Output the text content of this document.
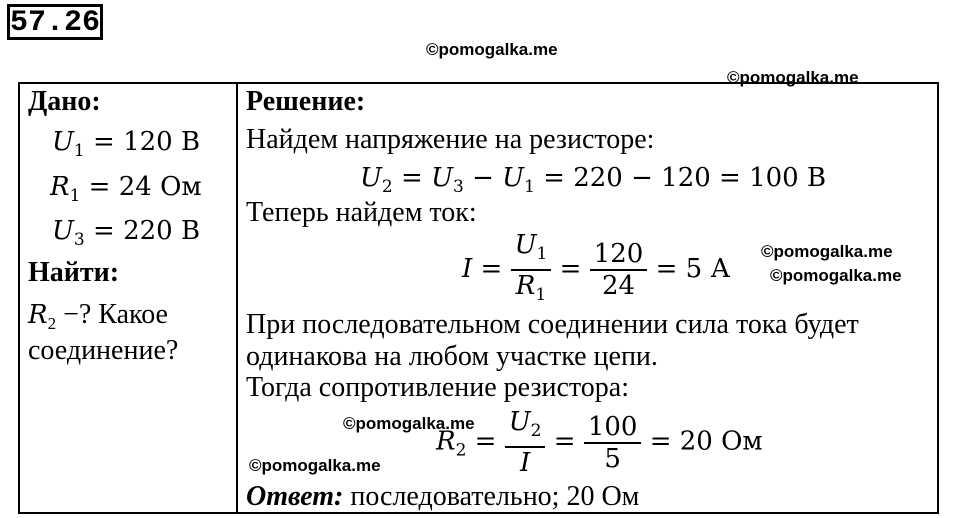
57.26
©pomogalka.me
©pomogalka.me
©pomogalka.me
©pomogalka.me
©pomogalka.me
©pomogalka.me
Дано:
$U_1 = 120$ В
$R_1 = 24$ Ом
$U_3 = 220$ В
Найти:
$R_2$ −? Какое
соединение?
Решение:
Найдем напряжение на резисторе:
$U_2 = U_3 - U_1 = 220 - 120 = 100$ В
Теперь найдем ток:
$I = \frac{U_1}{R_1} = \frac{120}{24} = 5$ А
При последовательном соединении сила тока будет
одинакова на любом участке цепи.
Тогда сопротивление резистора:
$R_2 = \frac{U_2}{I} = \frac{100}{5} = 20$ Ом
Ответ: последовательно; 20 Ом
